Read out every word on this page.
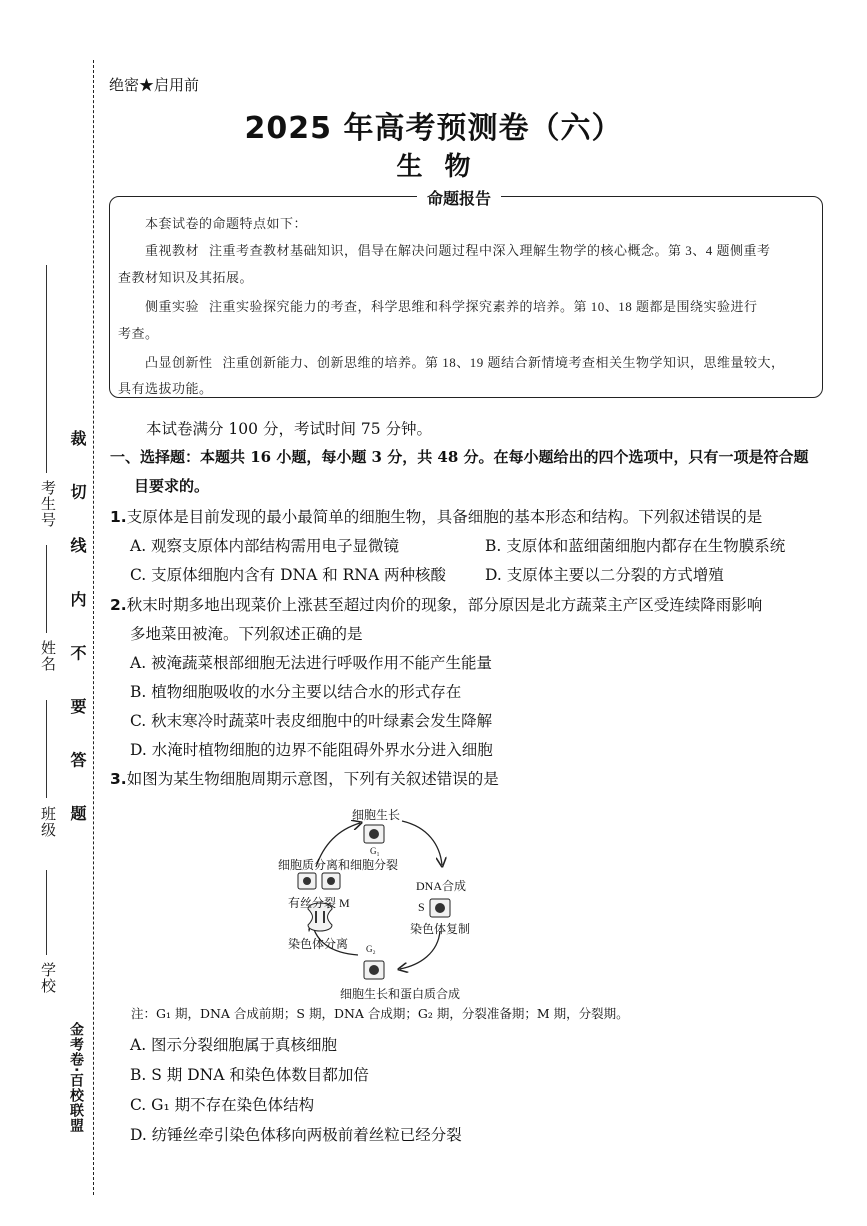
学校
班级
姓名
考生号 裁 切 线 内 不 要 答 题
金考卷·百校联盟
绝密★启用前
2025 年高考预测卷（六）
生物
命题报告
本套试卷的命题特点如下：
重视教材 注重考查教材基础知识，倡导在解决问题过程中深入理解生物学的核心概念。第 3、4 题侧重考
查教材知识及其拓展。
侧重实验 注重实验探究能力的考查，科学思维和科学探究素养的培养。第 10、18 题都是围绕实验进行
考查。
凸显创新性 注重创新能力、创新思维的培养。第 18、19 题结合新情境考查相关生物学知识，思维量较大，
具有选拔功能。
本试卷满分 100 分，考试时间 75 分钟。
一、选择题：本题共 16 小题，每小题 3 分，共 48 分。在每小题给出的四个选项中，只有一项是符合题
目要求的。
1.支原体是目前发现的最小最简单的细胞生物，具备细胞的基本形态和结构。下列叙述错误的是
A. 观察支原体内部结构需用电子显微镜	B. 支原体和蓝细菌细胞内都存在生物膜系统
C. 支原体细胞内含有 DNA 和 RNA 两种核酸	D. 支原体主要以二分裂的方式增殖
2.秋末时期多地出现菜价上涨甚至超过肉价的现象，部分原因是北方蔬菜主产区受连续降雨影响
多地菜田被淹。下列叙述正确的是
A. 被淹蔬菜根部细胞无法进行呼吸作用不能产生能量
B. 植物细胞吸收的水分主要以结合水的形式存在
C. 秋末寒冷时蔬菜叶表皮细胞中的叶绿素会发生降解
D. 水淹时植物细胞的边界不能阻碍外界水分进入细胞
3.如图为某生物细胞周期示意图，下列有关叙述错误的是
细胞生长
G₁
细胞质分离和细胞分裂
DNA合成
有丝分裂 M	S
染色体复制
染色体分离 G₂
细胞生长和蛋白质合成
注：G₁ 期，DNA 合成前期；S 期，DNA 合成期；G₂ 期，分裂准备期；M 期，分裂期。
A. 图示分裂细胞属于真核细胞
B. S 期 DNA 和染色体数目都加倍
C. G₁ 期不存在染色体结构
D. 纺锤丝牵引染色体移向两极前着丝粒已经分裂
